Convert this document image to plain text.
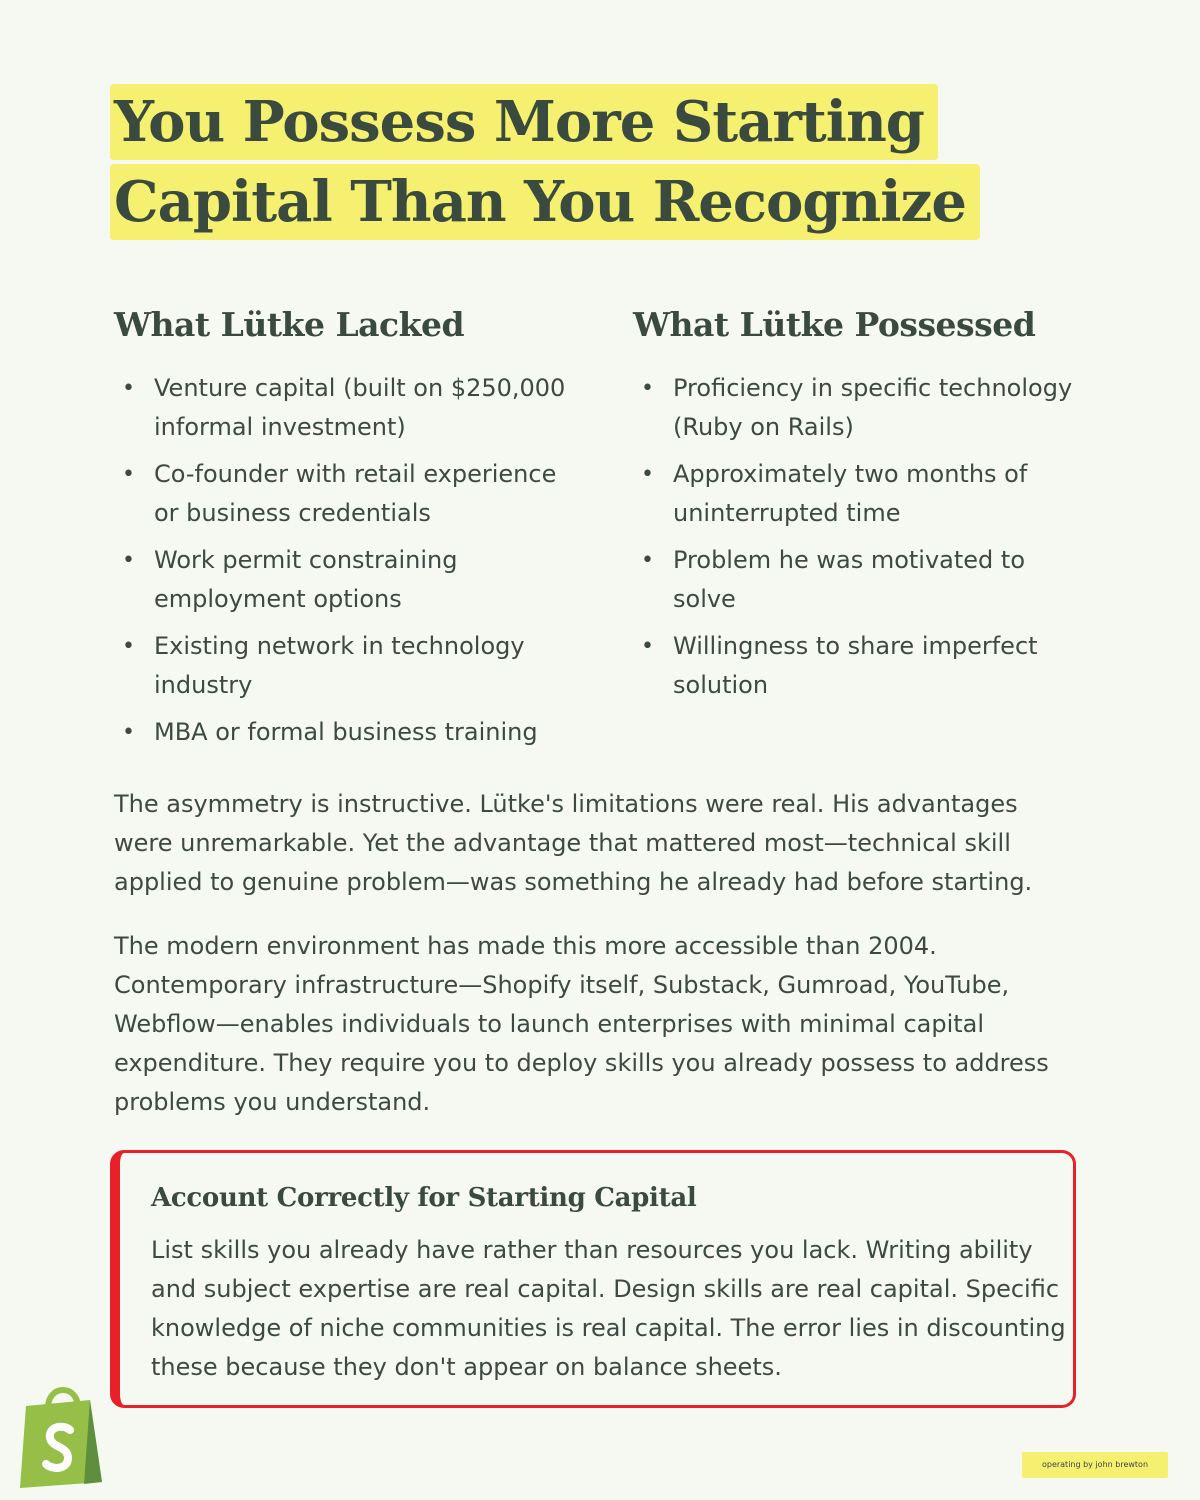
You Possess More Starting
Capital Than You Recognize
What Lütke Lacked
• Venture capital (built on $250,000 informal investment)
• Co-founder with retail experience or business credentials
• Work permit constraining employment options
• Existing network in technology industry
• MBA or formal business training
What Lütke Possessed
• Proficiency in specific technology (Ruby on Rails)
• Approximately two months of uninterrupted time
• Problem he was motivated to solve
• Willingness to share imperfect solution

The asymmetry is instructive. Lütke's limitations were real. His advantages were unremarkable. Yet the advantage that mattered most—technical skill applied to genuine problem—was something he already had before starting.

The modern environment has made this more accessible than 2004. Contemporary infrastructure—Shopify itself, Substack, Gumroad, YouTube, Webflow—enables individuals to launch enterprises with minimal capital expenditure. They require you to deploy skills you already possess to address problems you understand.

Account Correctly for Starting Capital

List skills you already have rather than resources you lack. Writing ability and subject expertise are real capital. Design skills are real capital. Specific knowledge of niche communities is real capital. The error lies in discounting these because they don't appear on balance sheets.

operating by john brewton
